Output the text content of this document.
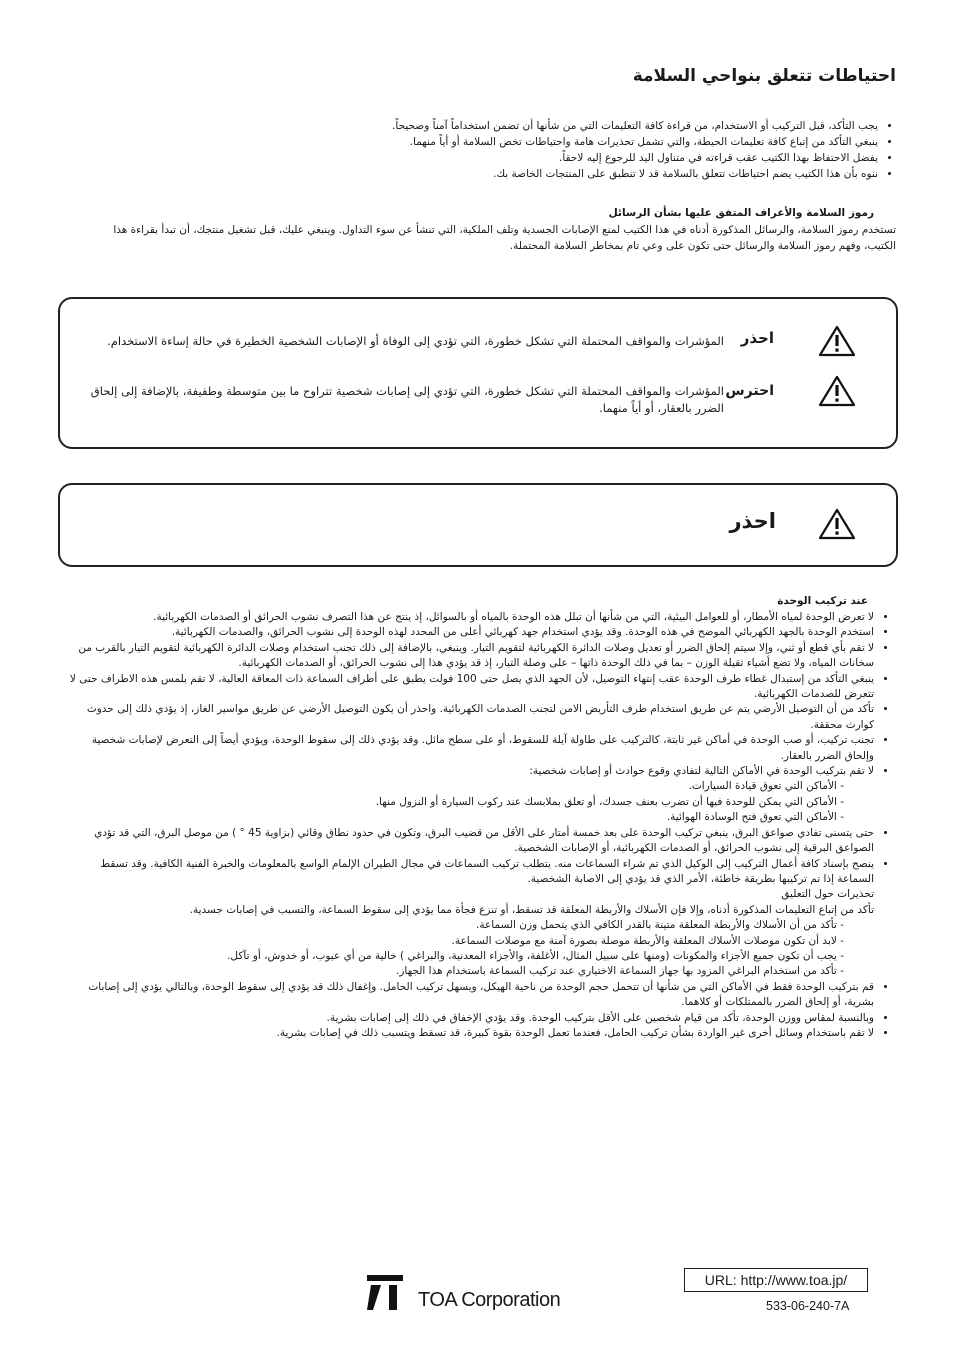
احتياطات تتعلق بنواحي السلامة
• يجب التأكد، قبل التركيب أو الاستخدام، من قراءة كافة التعليمات التي من شأنها أن تضمن استخداماً آمناً وصحيحاً.
• ينبغي التأكد من إتباع كافة تعليمات الحيطة، والتي تشمل تحذيرات هامة واحتياطات تخص السلامة أو أياً منهما.
• يفضل الاحتفاظ بهذا الكتيب عقب قراءته في متناول اليد للرجوع إليه لاحقاً.
• ننوه بأن هذا الكتيب يضم احتياطات تتعلق بالسلامة قد لا تنطبق على المنتجات الخاصة بك.
رموز السلامة والأعراف المتفق عليها بشأن الرسائل
تستخدم رموز السلامة، والرسائل المذكورة أدناه في هذا الكتيب لمنع الإصابات الجسدية وتلف الملكية، التي تنشأ عن سوء التداول. وينبغي عليك، قبل تشغيل منتجك، أن تبدأ بقراءة هذا الكتيب، وفهم رموز السلامة والرسائل حتى تكون على وعي تام بمخاطر السلامة المحتملة.
احذر
المؤشرات والمواقف المحتملة التي تشكل خطورة، التي تؤدي إلى الوفاة أو الإصابات الشخصية الخطيرة في حالة إساءة الاستخدام.
احترس
المؤشرات والمواقف المحتملة التي تشكل خطورة، التي تؤدي إلى إصابات شخصية تتراوح ما بين متوسطة وطفيفة، بالإضافة إلى إلحاق الضرر بالعقار، أو أياً منهما.
احذر
عند تركيب الوحدة
• لا تعرض الوحدة لمياه الأمطار، أو للعوامل البيئية، التي من شأنها أن تبلل هذه الوحدة بالمياه أو بالسوائل، إذ ينتج عن هذا التصرف نشوب الحرائق أو الصدمات الكهربائية.
• استخدم الوحدة بالجهد الكهربائي الموضح في هذه الوحدة. وقد يؤدي استخدام جهد كهربائي أعلى من المحدد لهذه الوحدة إلى نشوب الحرائق، والصدمات الكهربائية.
• لا تقم بأي قطع أو ثني، وإلا سيتم إلحاق الضرر أو تعديل وصلات الدائرة الكهربائية لتقويم التيار. وينبغي، بالإضافة إلى ذلك تجنب استخدام وصلات الدائرة الكهربائية لتقويم التيار بالقرب من سخانات المياه، ولا تضع أشياء ثقيلة الوزن – بما في ذلك الوحدة ذاتها – على وصلة التيار، إذ قد يؤدي هذا إلى نشوب الحرائق، أو الصدمات الكهربائية.
• ينبغي التأكد من إستبدال غطاء طرف الوحدة عقب إنتهاء التوصيل، لأن الجهد الذي يصل حتى 100 فولت يطبق على أطراف السماعة ذات المعاقة العالية، لا تقم بلمس هذه الاطراف حتى لا تتعرض للصدمات الكهربائية.
• تأكد من أن التوصيل الأرضي يتم عن طريق استخدام طرف التأريض الامن لتجنب الصدمات الكهربائية. واحذر أن يكون التوصيل الأرضي عن طريق مواسير الغاز، إذ يؤدي ذلك إلى حدوث كوارث محققة.
• تجنب تركيب، أو صب الوحدة في أماكن غير ثابتة، كالتركيب على طاولة آيلة للسقوط، أو على سطح مائل. وقد يؤدي ذلك إلى سقوط الوحدة، ويؤدي أيضاً إلى التعرض لإصابات شخصية وإلحاق الضرر بالعقار.
• لا تقم بتركيب الوحدة في الأماكن التالية لتفادي وقوع حوادث أو إصابات شخصية:
- الأماكن التي تعوق قيادة السيارات.
- الأماكن التي يمكن للوحدة فيها أن تضرب بعنف جسدك، أو تعلق بملابسك عند ركوب السيارة أو النزول منها.
- الأماكن التي تعوق فتح الوسادة الهوائية.
• حتى يتسنى تفادي صواعق البرق، ينبغي تركيب الوحدة على بعد خمسة أمتار على الأقل من قضيب البرق، وتكون في حدود نطاق وقائي (بزاوية 45 ° ) من موصل البرق، التي قد تؤدي الصواعق البرقية إلى نشوب الحرائق، أو الصدمات الكهربائية، أو الإصابات الشخصية.
• ينصح بإسناد كافة أعمال التركيب إلى الوكيل الذي تم شراء السماعات منه. يتطلب تركيب السماعات في مجال الطيران الإلمام الواسع بالمعلومات والخبرة الفنية الكافية. وقد تسقط السماعة إذا تم تركيبها بطريقة خاطئة، الأمر الذي قد يؤدي إلى الاصابة الشخصية.
تحذيرات حول التعليق
تأكد من إتباع التعليمات المذكورة أدناه، وإلا فإن الأسلاك والأربطة المعلقة قد تسقط، أو تنزع فجأة مما يؤدي إلى سقوط السماعة، والتسبب في إصابات جسدية.
- تأكد من أن الأسلاك والأربطة المعلقة متينة بالقدر الكافي الذي يتحمل وزن السماعة.
- لابد أن تكون موصلات الأسلاك المعلقة والأربطة موصلة بصورة آمنة مع موصلات السماعة.
- يجب أن تكون جميع الأجزاء والمكونات (ومنها على سبيل المثال، الأغلفة، والأجزاء المعدنية، والبراغي ) خالية من أي عيوب، أو خدوش، أو تآكل.
- تأكد من استخدام البراغي المزود بها جهاز السماعة الاختياري عند تركيب السماعة باستخدام هذا الجهاز.
• قم بتركيب الوحدة فقط في الأماكن التي من شأنها أن تتحمل حجم الوحدة من ناحية الهيكل، ويسهل تركيب الحامل. وإغفال ذلك قد يؤدي إلى سقوط الوحدة، وبالتالي يؤدي إلى إصابات بشرية، أو إلحاق الضرر بالممتلكات أو كلاهما.
• وبالنسبة لمقاس ووزن الوحدة، تأكد من قيام شخصين على الأقل بتركيب الوحدة. وقد يؤدي الإخفاق في ذلك إلى إصابات بشرية.
• لا تقم باستخدام وسائل أخرى غير الواردة بشأن تركيب الحامل، فعندما تعمل الوحدة بقوة كبيرة، قد تسقط ويتسبب ذلك في إصابات بشرية.
TOA Corporation
URL: http://www.toa.jp/
533-06-240-7A
